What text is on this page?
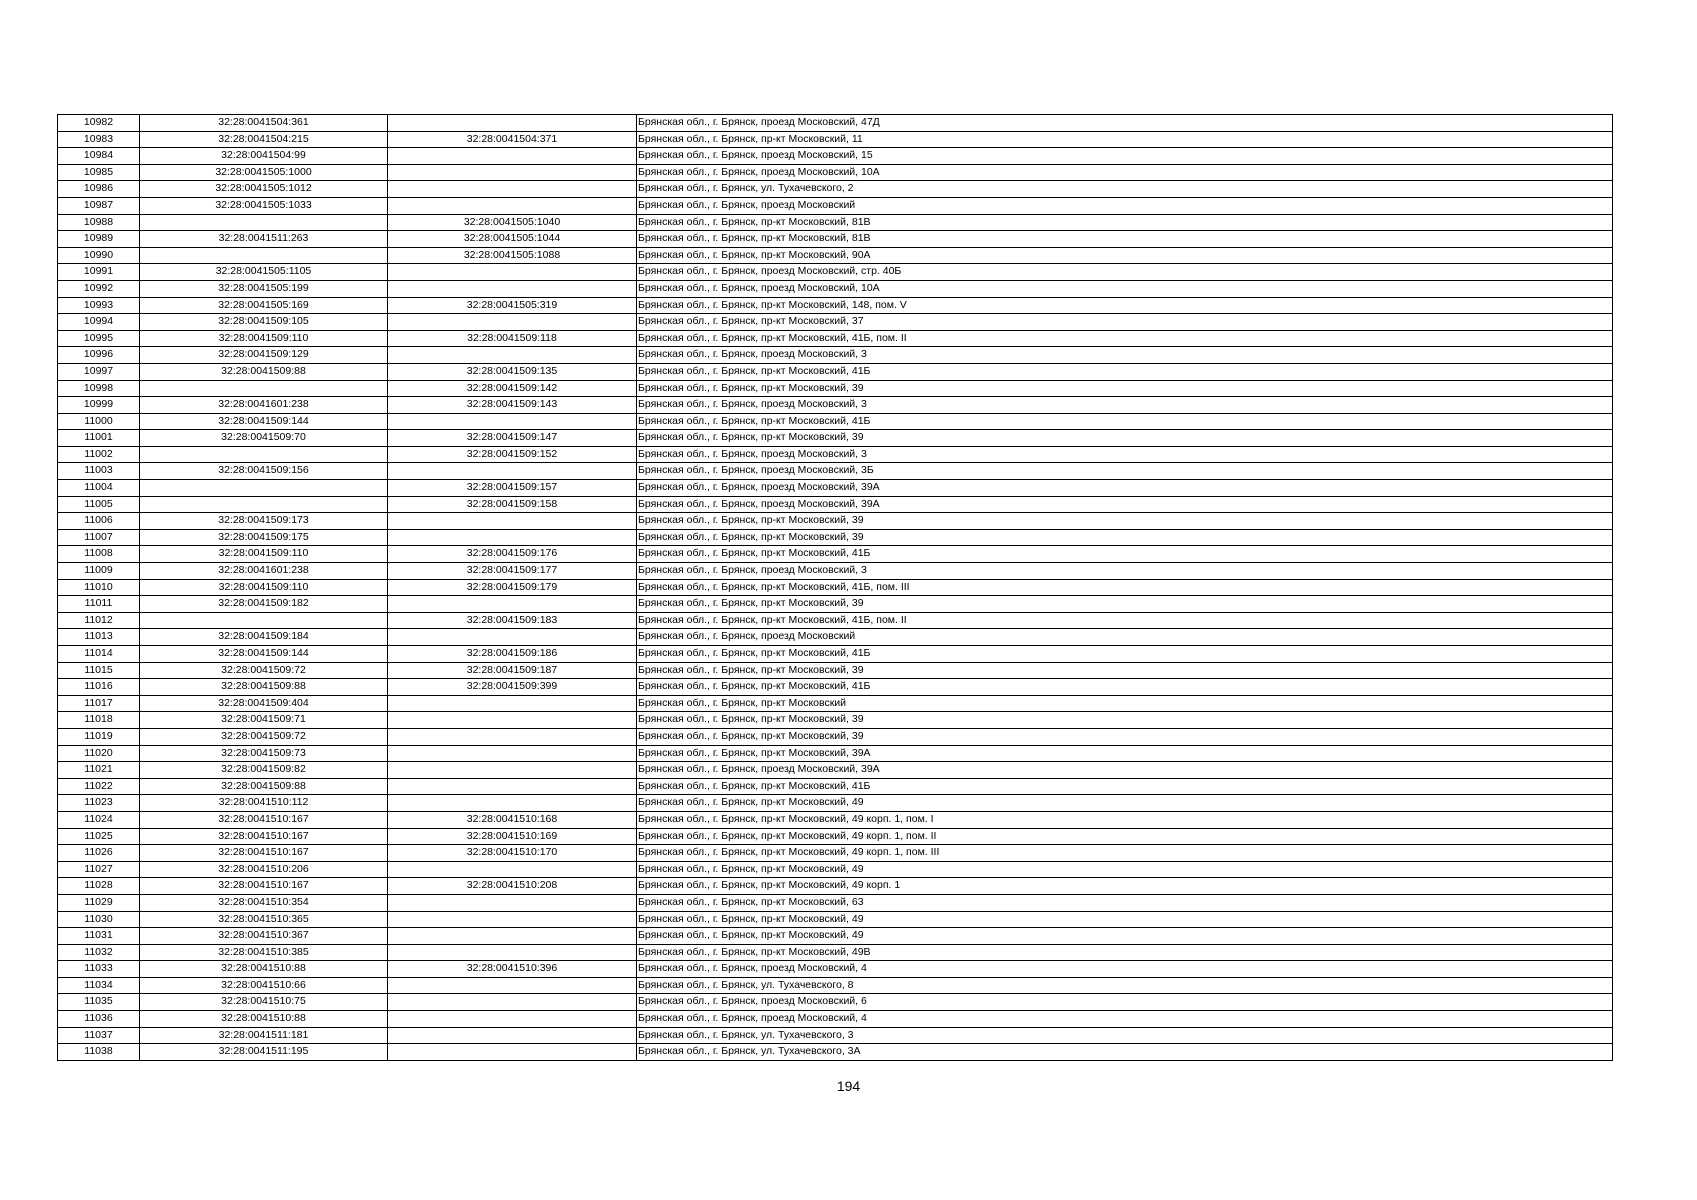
10982	32:28:0041504:361		Брянская обл., г. Брянск, проезд Московский, 47Д
10983	32:28:0041504:215	32:28:0041504:371	Брянская обл., г. Брянск, пр-кт Московский, 11
10984	32:28:0041504:99		Брянская обл., г. Брянск, проезд Московский, 15
10985	32:28:0041505:1000		Брянская обл., г. Брянск, проезд Московский, 10А
10986	32:28:0041505:1012		Брянская обл., г. Брянск, ул. Тухачевского, 2
10987	32:28:0041505:1033		Брянская обл., г. Брянск, проезд Московский
10988		32:28:0041505:1040	Брянская обл., г. Брянск, пр-кт Московский, 81В
10989	32:28:0041511:263	32:28:0041505:1044	Брянская обл., г. Брянск, пр-кт Московский, 81В
10990		32:28:0041505:1088	Брянская обл., г. Брянск, пр-кт Московский, 90А
10991	32:28:0041505:1105		Брянская обл., г. Брянск, проезд Московский, стр. 40Б
10992	32:28:0041505:199		Брянская обл., г. Брянск, проезд Московский, 10А
10993	32:28:0041505:169	32:28:0041505:319	Брянская обл., г. Брянск, пр-кт Московский, 148, пом. V
10994	32:28:0041509:105		Брянская обл., г. Брянск, пр-кт Московский, 37
10995	32:28:0041509:110	32:28:0041509:118	Брянская обл., г. Брянск, пр-кт Московский, 41Б, пом. II
10996	32:28:0041509:129		Брянская обл., г. Брянск, проезд Московский, 3
10997	32:28:0041509:88	32:28:0041509:135	Брянская обл., г. Брянск, пр-кт Московский, 41Б
10998		32:28:0041509:142	Брянская обл., г. Брянск, пр-кт Московский, 39
10999	32:28:0041601:238	32:28:0041509:143	Брянская обл., г. Брянск, проезд Московский, 3
11000	32:28:0041509:144		Брянская обл., г. Брянск, пр-кт Московский, 41Б
11001	32:28:0041509:70	32:28:0041509:147	Брянская обл., г. Брянск, пр-кт Московский, 39
11002		32:28:0041509:152	Брянская обл., г. Брянск, проезд Московский, 3
11003	32:28:0041509:156		Брянская обл., г. Брянск, проезд Московский, 3Б
11004		32:28:0041509:157	Брянская обл., г. Брянск, проезд Московский, 39А
11005		32:28:0041509:158	Брянская обл., г. Брянск, проезд Московский, 39А
11006	32:28:0041509:173		Брянская обл., г. Брянск, пр-кт Московский, 39
11007	32:28:0041509:175		Брянская обл., г. Брянск, пр-кт Московский, 39
11008	32:28:0041509:110	32:28:0041509:176	Брянская обл., г. Брянск, пр-кт Московский, 41Б
11009	32:28:0041601:238	32:28:0041509:177	Брянская обл., г. Брянск, проезд Московский, 3
11010	32:28:0041509:110	32:28:0041509:179	Брянская обл., г. Брянск, пр-кт Московский, 41Б, пом. III
11011	32:28:0041509:182		Брянская обл., г. Брянск, пр-кт Московский, 39
11012		32:28:0041509:183	Брянская обл., г. Брянск, пр-кт Московский, 41Б, пом. II
11013	32:28:0041509:184		Брянская обл., г. Брянск, проезд Московский
11014	32:28:0041509:144	32:28:0041509:186	Брянская обл., г. Брянск, пр-кт Московский, 41Б
11015	32:28:0041509:72	32:28:0041509:187	Брянская обл., г. Брянск, пр-кт Московский, 39
11016	32:28:0041509:88	32:28:0041509:399	Брянская обл., г. Брянск, пр-кт Московский, 41Б
11017	32:28:0041509:404		Брянская обл., г. Брянск, пр-кт Московский
11018	32:28:0041509:71		Брянская обл., г. Брянск, пр-кт Московский, 39
11019	32:28:0041509:72		Брянская обл., г. Брянск, пр-кт Московский, 39
11020	32:28:0041509:73		Брянская обл., г. Брянск, пр-кт Московский, 39А
11021	32:28:0041509:82		Брянская обл., г. Брянск, проезд Московский, 39А
11022	32:28:0041509:88		Брянская обл., г. Брянск, пр-кт Московский, 41Б
11023	32:28:0041510:112		Брянская обл., г. Брянск, пр-кт Московский, 49
11024	32:28:0041510:167	32:28:0041510:168	Брянская обл., г. Брянск, пр-кт Московский, 49 корп. 1, пом. I
11025	32:28:0041510:167	32:28:0041510:169	Брянская обл., г. Брянск, пр-кт Московский, 49 корп. 1, пом. II
11026	32:28:0041510:167	32:28:0041510:170	Брянская обл., г. Брянск, пр-кт Московский, 49 корп. 1, пом. III
11027	32:28:0041510:206		Брянская обл., г. Брянск, пр-кт Московский, 49
11028	32:28:0041510:167	32:28:0041510:208	Брянская обл., г. Брянск, пр-кт Московский, 49 корп. 1
11029	32:28:0041510:354		Брянская обл., г. Брянск, пр-кт Московский, 63
11030	32:28:0041510:365		Брянская обл., г. Брянск, пр-кт Московский, 49
11031	32:28:0041510:367		Брянская обл., г. Брянск, пр-кт Московский, 49
11032	32:28:0041510:385		Брянская обл., г. Брянск, пр-кт Московский, 49В
11033	32:28:0041510:88	32:28:0041510:396	Брянская обл., г. Брянск, проезд Московский, 4
11034	32:28:0041510:66		Брянская обл., г. Брянск, ул. Тухачевского, 8
11035	32:28:0041510:75		Брянская обл., г. Брянск, проезд Московский, 6
11036	32:28:0041510:88		Брянская обл., г. Брянск, проезд Московский, 4
11037	32:28:0041511:181		Брянская обл., г. Брянск, ул. Тухачевского, 3
11038	32:28:0041511:195		Брянская обл., г. Брянск, ул. Тухачевского, 3А
194
